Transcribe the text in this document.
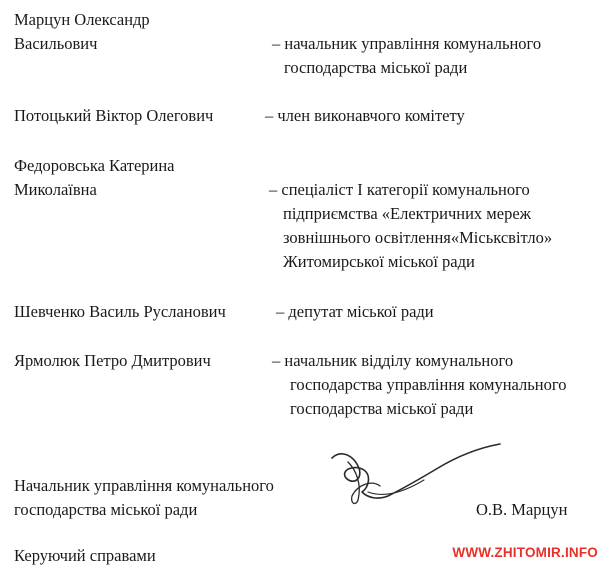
Марцун Олександр
Васильович	– начальник управління комунального
господарства міської ради
Потоцький Віктор Олегович	– член виконавчого комітету
Федоровська Катерина
Миколаївна	– спеціаліст І категорії комунального
підприємства «Електричних мереж
зовнішнього освітлення«Міськсвітло»
Житомирської міської ради
Шевченко Василь Русланович	– депутат міської ради
Ярмолюк Петро Дмитрович	– начальник відділу комунального
господарства управління комунального
господарства міської ради
Начальник управління комунального
господарства міської ради	О.В. Марцун
Керуючий справами	WWW.ZHITOMIR.INFO
